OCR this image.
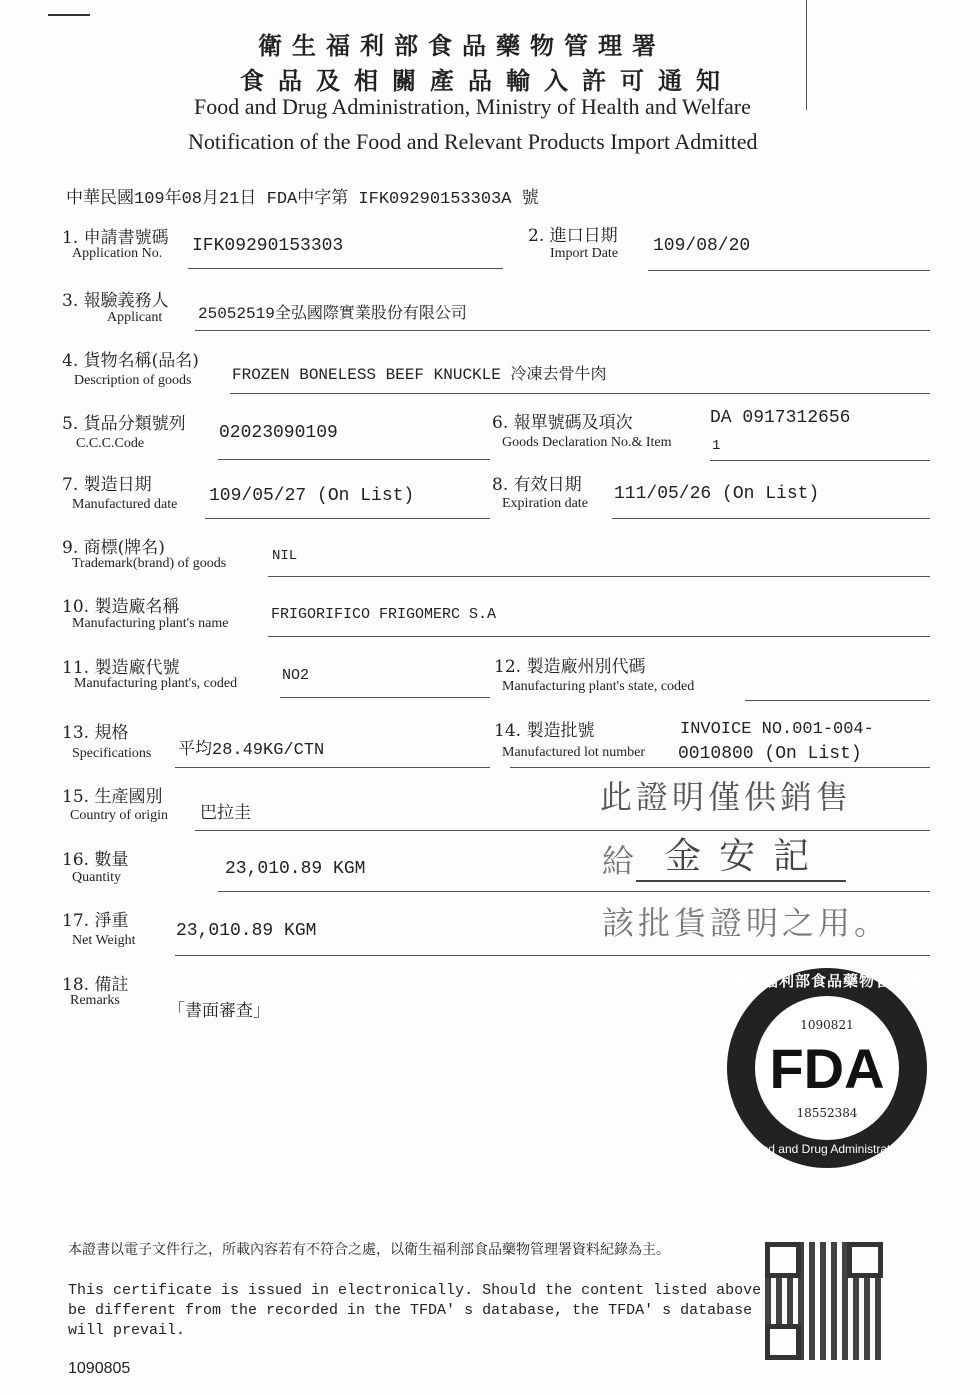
衛生福利部食品藥物管理署
食品及相關產品輸入許可通知
Food and Drug Administration, Ministry of Health and Welfare
Notification of the Food and Relevant Products Import Admitted
中華民國109年08月21日 FDA中字第 IFK09290153303A 號
1. 申請書號碼
Application No. IFK09290153303	2. 進口日期
Import Date 109/08/20
3. 報驗義務人
Applicant 25052519全弘國際實業股份有限公司
4. 貨物名稱(品名)
Description of goods	FROZEN BONELESS BEEF KNUCKLE 冷凍去骨牛肉
5. 貨品分類號列
C.C.C.Code
02023090109	6. 報單號碼及項次
Goods Declaration No.& Item
DA 0917312656
1
7. 製造日期
Manufactured date 109/05/27 (On List)
8. 有效日期
Expiration date 111/05/26 (On List)
9. 商標(牌名)
Trademark(brand) of goods	NIL
10. 製造廠名稱
Manufacturing plant's name
FRIGORIFICO FRIGOMERC S.A
11. 製造廠代號
Manufacturing plant's, coded	NO2	12. 製造廠州別代碼
Manufacturing plant's state, coded
13. 規格
Specifications 平均28.49KG/CTN
14. 製造批號
Manufactured lot number
INVOICE NO.001-004-
0010800 (On List)
15. 生產國別
Country of origin 巴拉圭
16. 數量
Quantity	23,010.89 KGM
17. 淨重
Net Weight 23,010.89 KGM
18. 備註
Remarks
「書面審查」
此證明僅供銷售
給 金安記
該批貨證明之用。
衛生福利部食品藥物管理署
1090821
FDA
18552384
Food and Drug Administration
本證書以電子文件行之，所載內容若有不符合之處，以衛生福利部食品藥物管理署資料紀錄為主。
This certificate is issued in electronically. Should the content listed above
be different from the recorded in the TFDA' s database, the TFDA' s database
will prevail.
1090805
